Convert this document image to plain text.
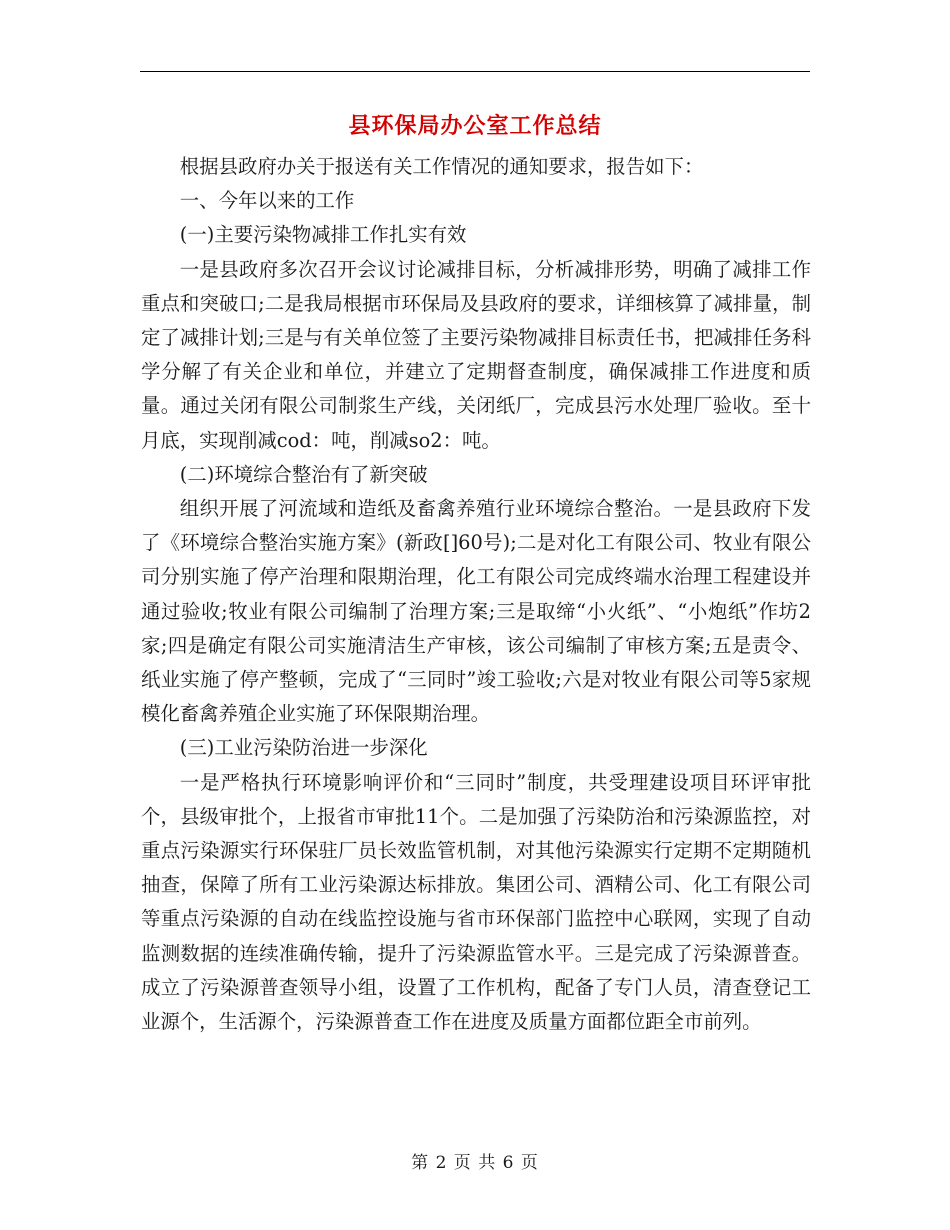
县环保局办公室工作总结

根据县政府办关于报送有关工作情况的通知要求，报告如下：

一、今年以来的工作

(一)主要污染物减排工作扎实有效

一是县政府多次召开会议讨论减排目标，分析减排形势，明确了减排工作重点和突破口;二是我局根据市环保局及县政府的要求，详细核算了减排量，制定了减排计划;三是与有关单位签了主要污染物减排目标责任书，把减排任务科学分解了有关企业和单位，并建立了定期督查制度，确保减排工作进度和质量。通过关闭有限公司制浆生产线，关闭纸厂，完成县污水处理厂验收。至十月底，实现削减cod：吨，削减so2：吨。

(二)环境综合整治有了新突破

组织开展了河流域和造纸及畜禽养殖行业环境综合整治。一是县政府下发了《环境综合整治实施方案》(新政[]60号);二是对化工有限公司、牧业有限公司分别实施了停产治理和限期治理，化工有限公司完成终端水治理工程建设并通过验收;牧业有限公司编制了治理方案;三是取缔“小火纸”、“小炮纸”作坊2家;四是确定有限公司实施清洁生产审核，该公司编制了审核方案;五是责令、纸业实施了停产整顿，完成了“三同时”竣工验收;六是对牧业有限公司等5家规模化畜禽养殖企业实施了环保限期治理。

(三)工业污染防治进一步深化

一是严格执行环境影响评价和“三同时”制度，共受理建设项目环评审批个，县级审批个，上报省市审批11个。二是加强了污染防治和污染源监控，对重点污染源实行环保驻厂员长效监管机制，对其他污染源实行定期不定期随机抽查，保障了所有工业污染源达标排放。集团公司、酒精公司、化工有限公司等重点污染源的自动在线监控设施与省市环保部门监控中心联网，实现了自动监测数据的连续准确传输，提升了污染源监管水平。三是完成了污染源普查。成立了污染源普查领导小组，设置了工作机构，配备了专门人员，清查登记工业源个，生活源个，污染源普查工作在进度及质量方面都位距全市前列。

第 2 页 共 6 页
